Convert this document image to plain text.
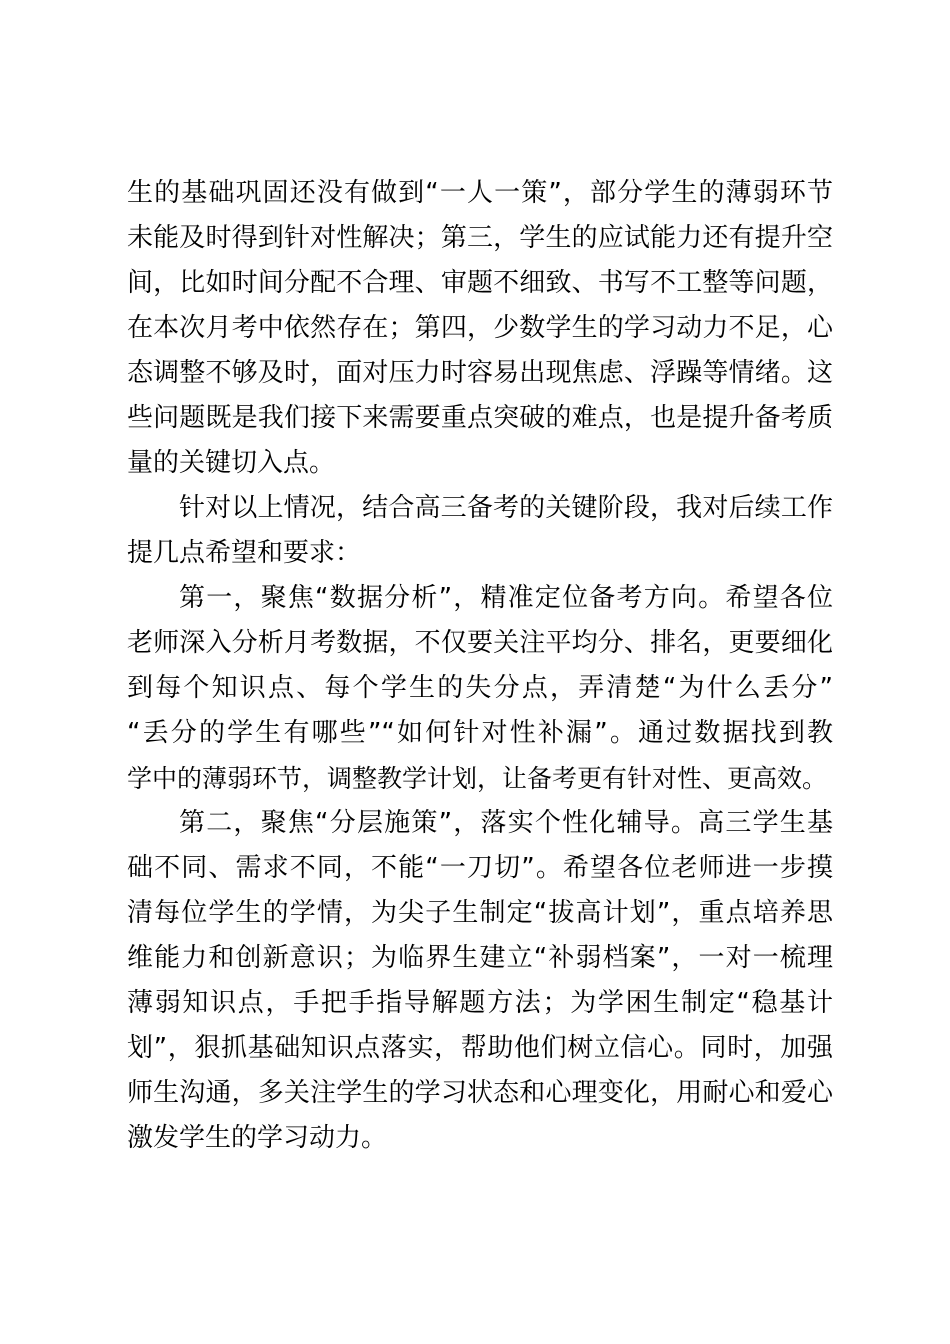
生的基础巩固还没有做到“一人一策”，部分学生的薄弱环节
未能及时得到针对性解决；第三，学生的应试能力还有提升空
间，比如时间分配不合理、审题不细致、书写不工整等问题，
在本次月考中依然存在；第四，少数学生的学习动力不足，心
态调整不够及时，面对压力时容易出现焦虑、浮躁等情绪。这
些问题既是我们接下来需要重点突破的难点，也是提升备考质
量的关键切入点。
针对以上情况，结合高三备考的关键阶段，我对后续工作
提几点希望和要求：
第一，聚焦“数据分析”，精准定位备考方向。希望各位
老师深入分析月考数据，不仅要关注平均分、排名，更要细化
到每个知识点、每个学生的失分点，弄清楚“为什么丢分”
“丢分的学生有哪些”“如何针对性补漏”。通过数据找到教
学中的薄弱环节，调整教学计划，让备考更有针对性、更高效。
第二，聚焦“分层施策”，落实个性化辅导。高三学生基
础不同、需求不同，不能“一刀切”。希望各位老师进一步摸
清每位学生的学情，为尖子生制定“拔高计划”，重点培养思
维能力和创新意识；为临界生建立“补弱档案”，一对一梳理
薄弱知识点，手把手指导解题方法；为学困生制定“稳基计
划”，狠抓基础知识点落实，帮助他们树立信心。同时，加强
师生沟通，多关注学生的学习状态和心理变化，用耐心和爱心
激发学生的学习动力。
